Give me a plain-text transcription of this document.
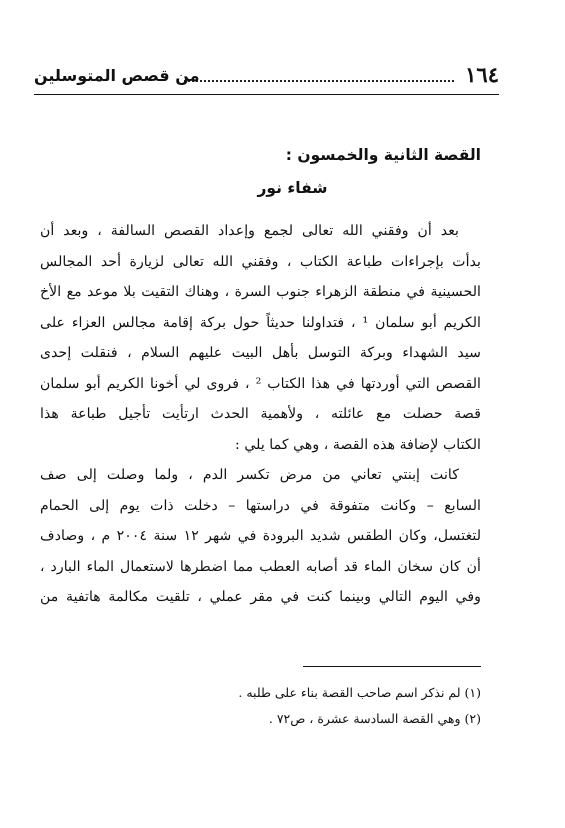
١٦٤
من قصص المتوسلين
القصة الثانية والخمسون :
شفاء نور
بعد أن وفقني الله تعالى لجمع وإعداد القصص السالفة ، وبعد أن
بدأت بإجراءات طباعة الكتاب ، وفقني الله تعالى لزيارة أحد المجالس
الحسينية في منطقة الزهراء جنوب السرة ، وهناك التقيت بلا موعد مع الأخ
الكريم أبو سلمان ¹ ، فتداولنا حديثاً حول بركة إقامة مجالس العزاء على
سيد الشهداء وبركة التوسل بأهل البيت عليهم السلام ، فنقلت إحدى
القصص التي أوردتها في هذا الكتاب ² ، فروى لي أخونا الكريم أبو سلمان
قصة حصلت مع عائلته ، ولأهمية الحدث ارتأيت تأجيل طباعة هذا
الكتاب لإضافة هذه القصة ، وهي كما يلي :
كانت إبنتي تعاني من مرض تكسر الدم ، ولما وصلت إلى صف
السابع – وكانت متفوقة في دراستها – دخلت ذات يوم إلى الحمام
لتغتسل، وكان الطقس شديد البرودة في شهر ١٢ سنة ٢٠٠٤ م ، وصادف
أن كان سخان الماء قد أصابه العطب مما اضطرها لاستعمال الماء البارد ،
وفي اليوم التالي وبينما كنت في مقر عملي ، تلقيت مكالمة هاتفية من
(١) لم نذكر اسم صاحب القصة بناء على طلبه .
(٢) وهي القصة السادسة عشرة ، ص٧٢ .
